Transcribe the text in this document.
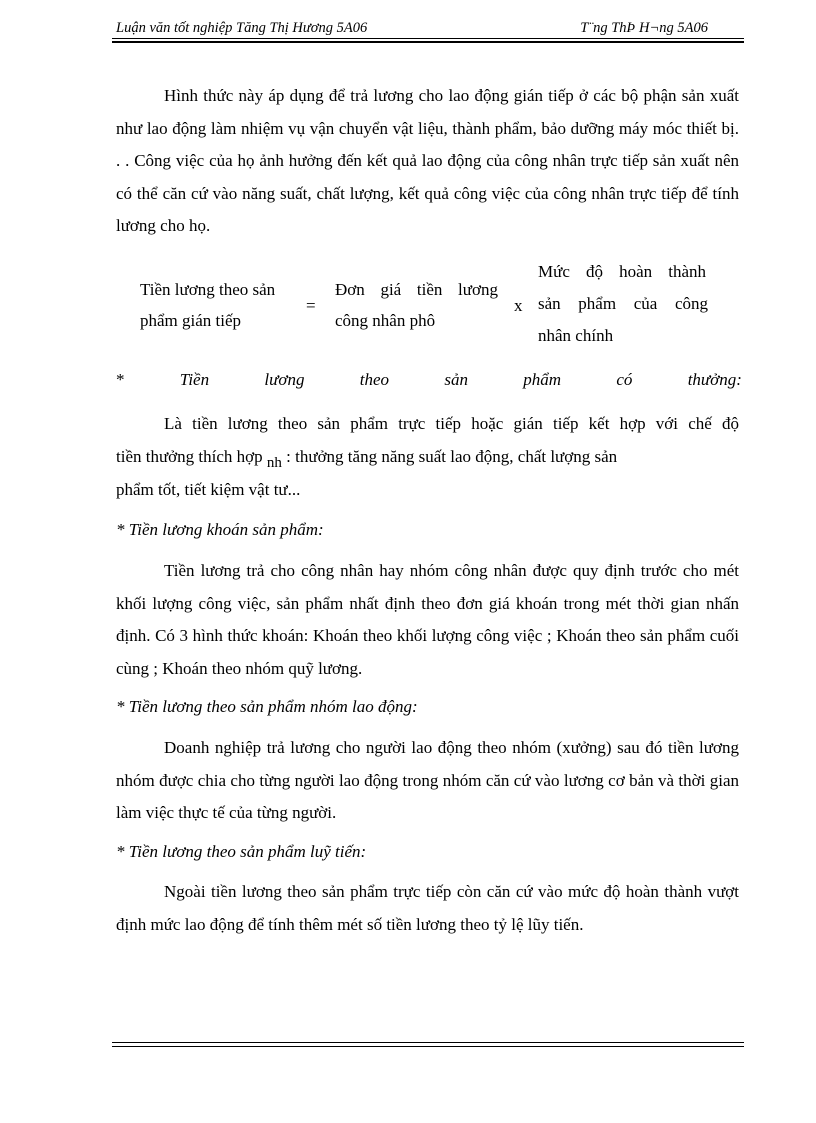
Luận văn tốt nghiệp Tăng Thị Hương 5A06	T¨ng ThÞ H¬ng 5A06

Hình thức này áp dụng để trả lương cho lao động gián tiếp ở các bộ phận sản xuất như lao động làm nhiệm vụ vận chuyển vật liệu, thành phẩm, bảo dưỡng máy móc thiết bị. . . Công việc của họ ảnh hưởng đến kết quả lao động của công nhân trực tiếp sản xuất nên có thể căn cứ vào năng suất, chất lượng, kết quả công việc của công nhân trực tiếp để tính lương cho họ.

Tiền lương theo sản
phẩm gián tiếp
=
Đơn giá tiền lương
công nhân phô
x
Mức độ hoàn thành
sản phẩm của công
nhân chính
*	Tiền	lương	theo	sản	phẩm	có	thưởng:

Là tiền lương theo sản phẩm trực tiếp hoặc gián tiếp kết hợp với chế độ

tiền thưởng thích hợp nh : thưởng tăng năng suất lao động, chất lượng sản

phẩm tốt, tiết kiệm vật tư...

* Tiền lương khoán sản phẩm:

Tiền lương trả cho công nhân hay nhóm công nhân được quy định trước cho mét khối lượng công việc, sản phẩm nhất định theo đơn giá khoán trong mét thời gian nhấn định. Có 3 hình thức khoán: Khoán theo khối lượng công việc ; Khoán theo sản phẩm cuối cùng ; Khoán theo nhóm quỹ lương.

* Tiền lương theo sản phẩm nhóm lao động:

Doanh nghiệp trả lương cho người lao động theo nhóm (xưởng) sau đó tiền lương nhóm được chia cho từng người lao động trong nhóm căn cứ vào lương cơ bản và thời gian làm việc thực tế của từng người.

* Tiền lương theo sản phẩm luỹ tiến:

Ngoài tiền lương theo sản phẩm trực tiếp còn căn cứ vào mức độ hoàn thành vượt định mức lao động để tính thêm mét số tiền lương theo tỷ lệ lũy tiến.
